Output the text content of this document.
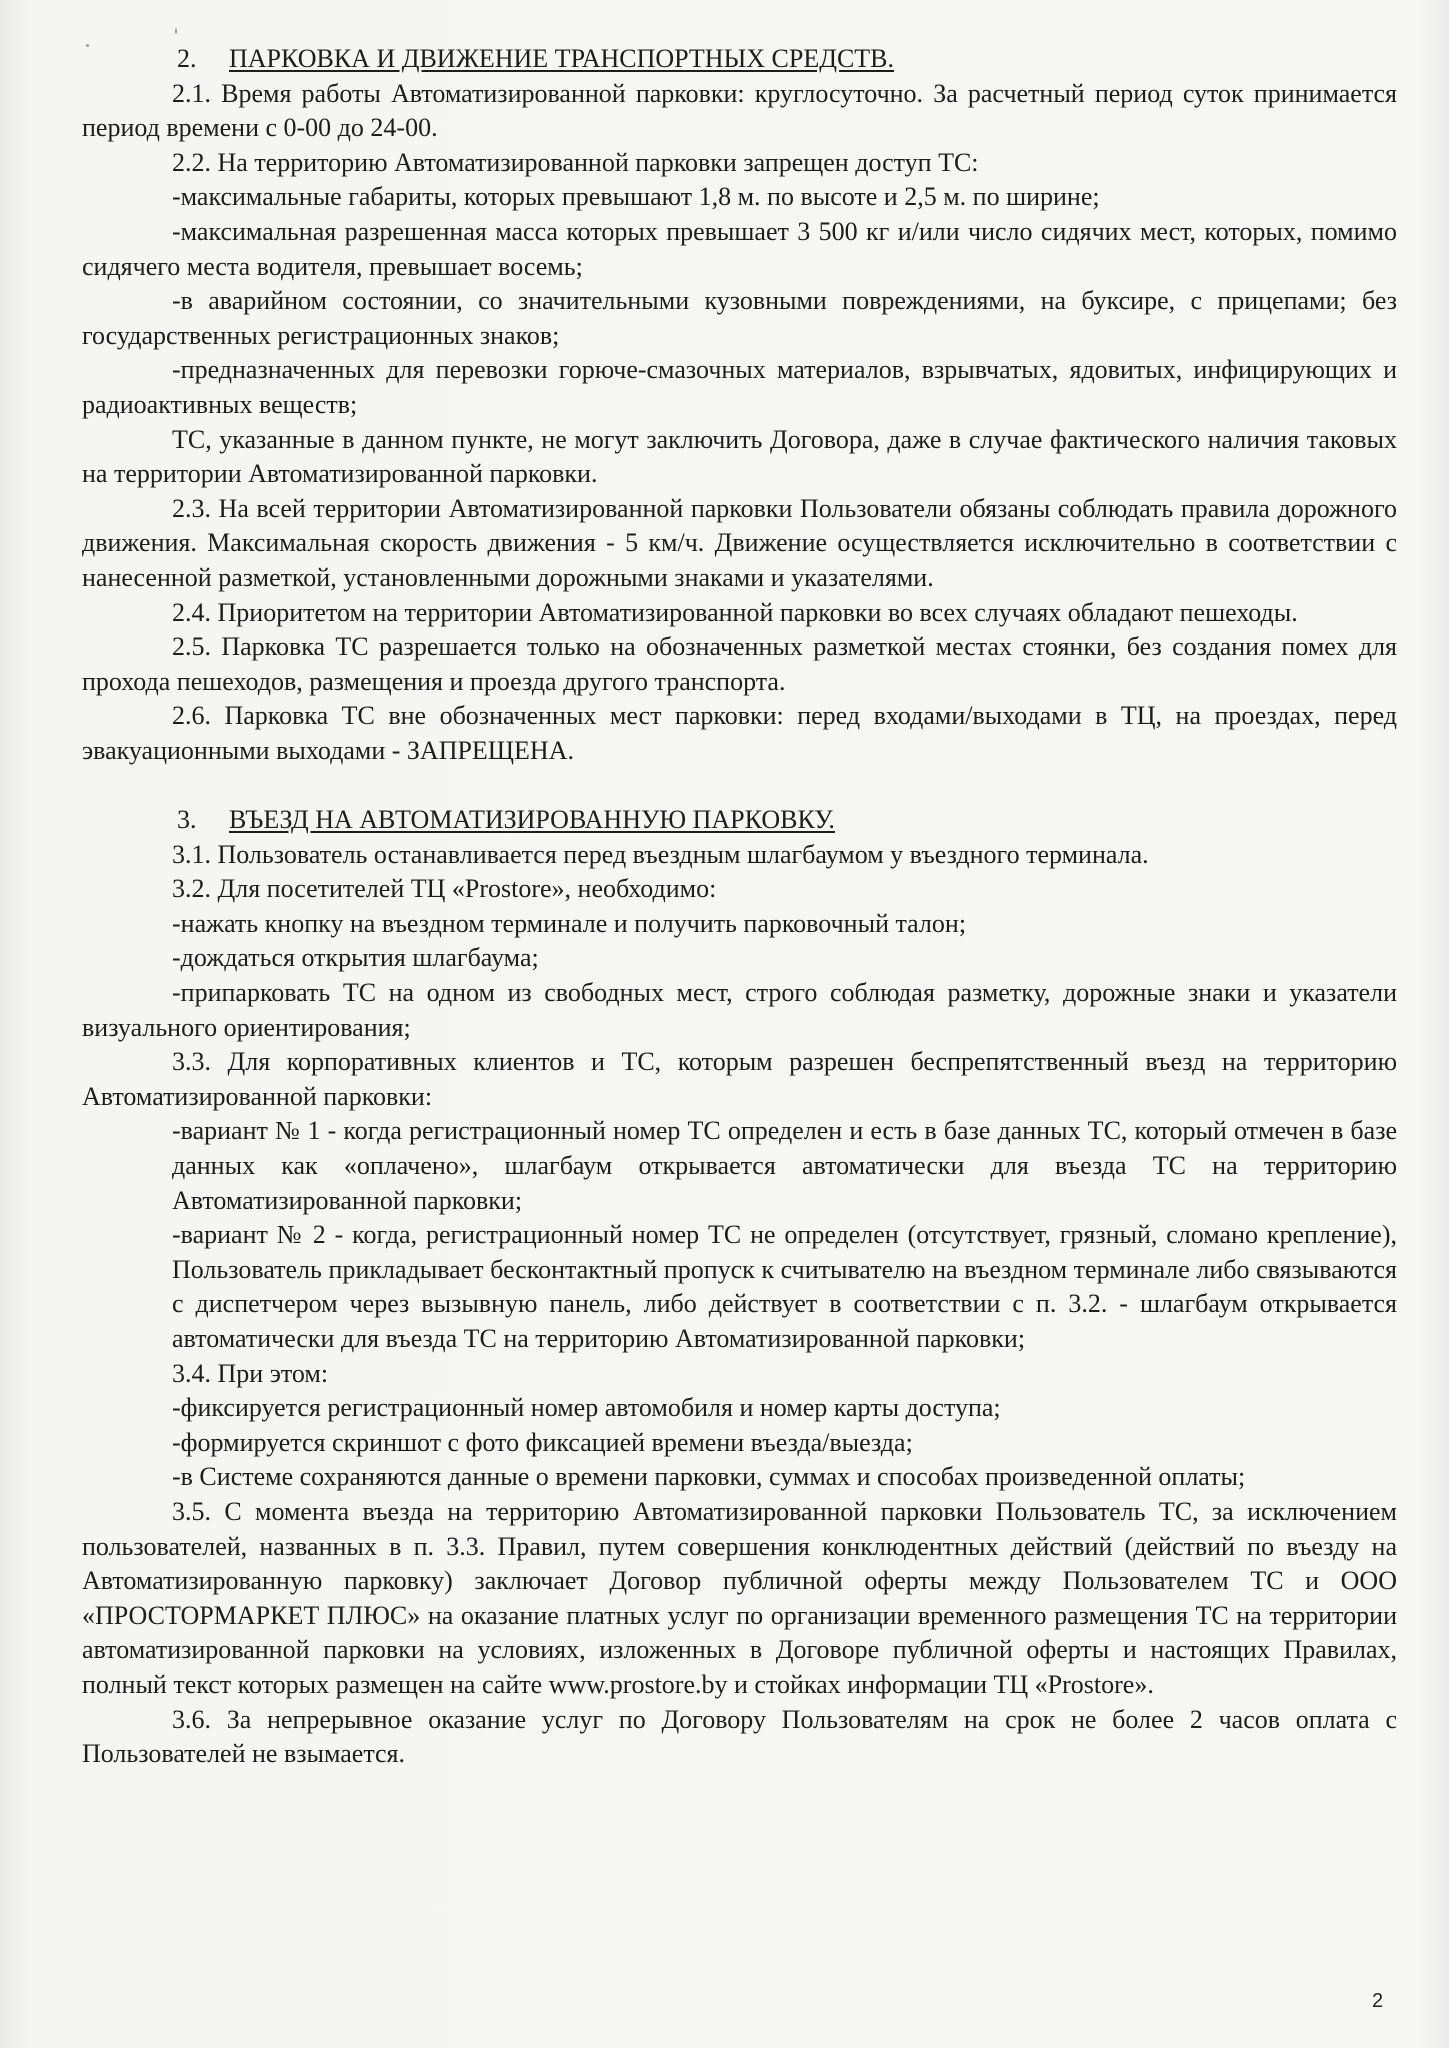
2. ПАРКОВКА И ДВИЖЕНИЕ ТРАНСПОРТНЫХ СРЕДСТВ.

2.1. Время работы Автоматизированной парковки: круглосуточно. За расчетный период суток принимается период времени с 0-00 до 24-00.

2.2. На территорию Автоматизированной парковки запрещен доступ ТС:

-максимальные габариты, которых превышают 1,8 м. по высоте и 2,5 м. по ширине;

-максимальная разрешенная масса которых превышает 3 500 кг и/или число сидячих мест, которых, помимо сидячего места водителя, превышает восемь;

-в аварийном состоянии, со значительными кузовными повреждениями, на буксире, с прицепами; без государственных регистрационных знаков;

-предназначенных для перевозки горюче-смазочных материалов, взрывчатых, ядовитых, инфицирующих и радиоактивных веществ;

ТС, указанные в данном пункте, не могут заключить Договора, даже в случае фактического наличия таковых на территории Автоматизированной парковки.

2.3. На всей территории Автоматизированной парковки Пользователи обязаны соблюдать правила дорожного движения. Максимальная скорость движения - 5 км/ч. Движение осуществляется исключительно в соответствии с нанесенной разметкой, установленными дорожными знаками и указателями.

2.4. Приоритетом на территории Автоматизированной парковки во всех случаях обладают пешеходы.

2.5. Парковка ТС разрешается только на обозначенных разметкой местах стоянки, без создания помех для прохода пешеходов, размещения и проезда другого транспорта.

2.6. Парковка ТС вне обозначенных мест парковки: перед входами/выходами в ТЦ, на проездах, перед эвакуационными выходами - ЗАПРЕЩЕНА.

3. ВЪЕЗД НА АВТОМАТИЗИРОВАННУЮ ПАРКОВКУ.

3.1. Пользователь останавливается перед въездным шлагбаумом у въездного терминала.

3.2. Для посетителей ТЦ «Prostore», необходимо:

-нажать кнопку на въездном терминале и получить парковочный талон;

-дождаться открытия шлагбаума;

-припарковать ТС на одном из свободных мест, строго соблюдая разметку, дорожные знаки и указатели визуального ориентирования;

3.3. Для корпоративных клиентов и ТС, которым разрешен беспрепятственный въезд на территорию Автоматизированной парковки:

-вариант № 1 - когда регистрационный номер ТС определен и есть в базе данных ТС, который отмечен в базе данных как «оплачено», шлагбаум открывается автоматически для въезда ТС на территорию Автоматизированной парковки;

-вариант № 2 - когда, регистрационный номер ТС не определен (отсутствует, грязный, сломано крепление), Пользователь прикладывает бесконтактный пропуск к считывателю на въездном терминале либо связываются с диспетчером через вызывную панель, либо действует в соответствии с п. 3.2. - шлагбаум открывается автоматически для въезда ТС на территорию Автоматизированной парковки;

3.4. При этом:

-фиксируется регистрационный номер автомобиля и номер карты доступа;

-формируется скриншот с фото фиксацией времени въезда/выезда;

-в Системе сохраняются данные о времени парковки, суммах и способах произведенной оплаты;

3.5. С момента въезда на территорию Автоматизированной парковки Пользователь ТС, за исключением пользователей, названных в п. 3.3. Правил, путем совершения конклюдентных действий (действий по въезду на Автоматизированную парковку) заключает Договор публичной оферты между Пользователем ТС и ООО «ПРОСТОРМАРКЕТ ПЛЮС» на оказание платных услуг по организации временного размещения ТС на территории автоматизированной парковки на условиях, изложенных в Договоре публичной оферты и настоящих Правилах, полный текст которых размещен на сайте www.prostore.by и стойках информации ТЦ «Prostore».

3.6. За непрерывное оказание услуг по Договору Пользователям на срок не более 2 часов оплата с Пользователей не взымается.

2
